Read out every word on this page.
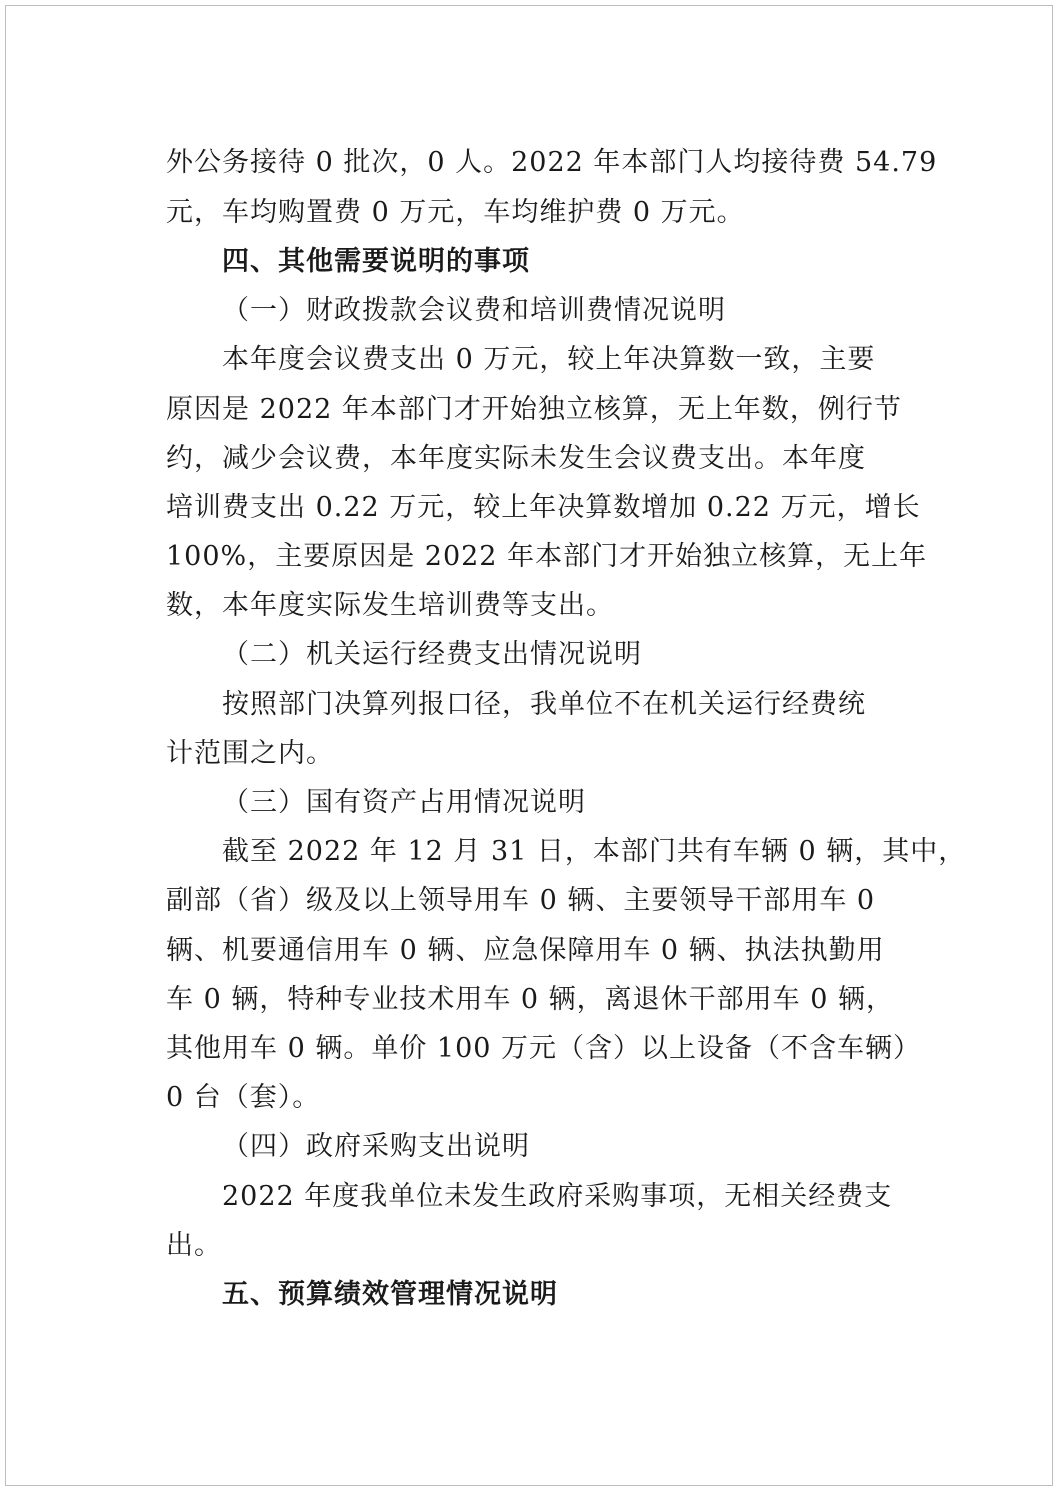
外公务接待 0 批次，0 人。2022 年本部门人均接待费 54.79
元，车均购置费 0 万元，车均维护费 0 万元。
四、其他需要说明的事项
（一）财政拨款会议费和培训费情况说明
本年度会议费支出 0 万元，较上年决算数一致，主要
原因是 2022 年本部门才开始独立核算，无上年数，例行节
约，减少会议费，本年度实际未发生会议费支出。本年度
培训费支出 0.22 万元，较上年决算数增加 0.22 万元，增长
100%，主要原因是 2022 年本部门才开始独立核算，无上年
数，本年度实际发生培训费等支出。
（二）机关运行经费支出情况说明
按照部门决算列报口径，我单位不在机关运行经费统
计范围之内。
（三）国有资产占用情况说明
截至 2022 年 12 月 31 日，本部门共有车辆 0 辆，其中，
副部（省）级及以上领导用车 0 辆、主要领导干部用车 0
辆、机要通信用车 0 辆、应急保障用车 0 辆、执法执勤用
车 0 辆，特种专业技术用车 0 辆，离退休干部用车 0 辆，
其他用车 0 辆。单价 100 万元（含）以上设备（不含车辆）
0 台（套）。
（四）政府采购支出说明
2022 年度我单位未发生政府采购事项，无相关经费支
出。
五、预算绩效管理情况说明
